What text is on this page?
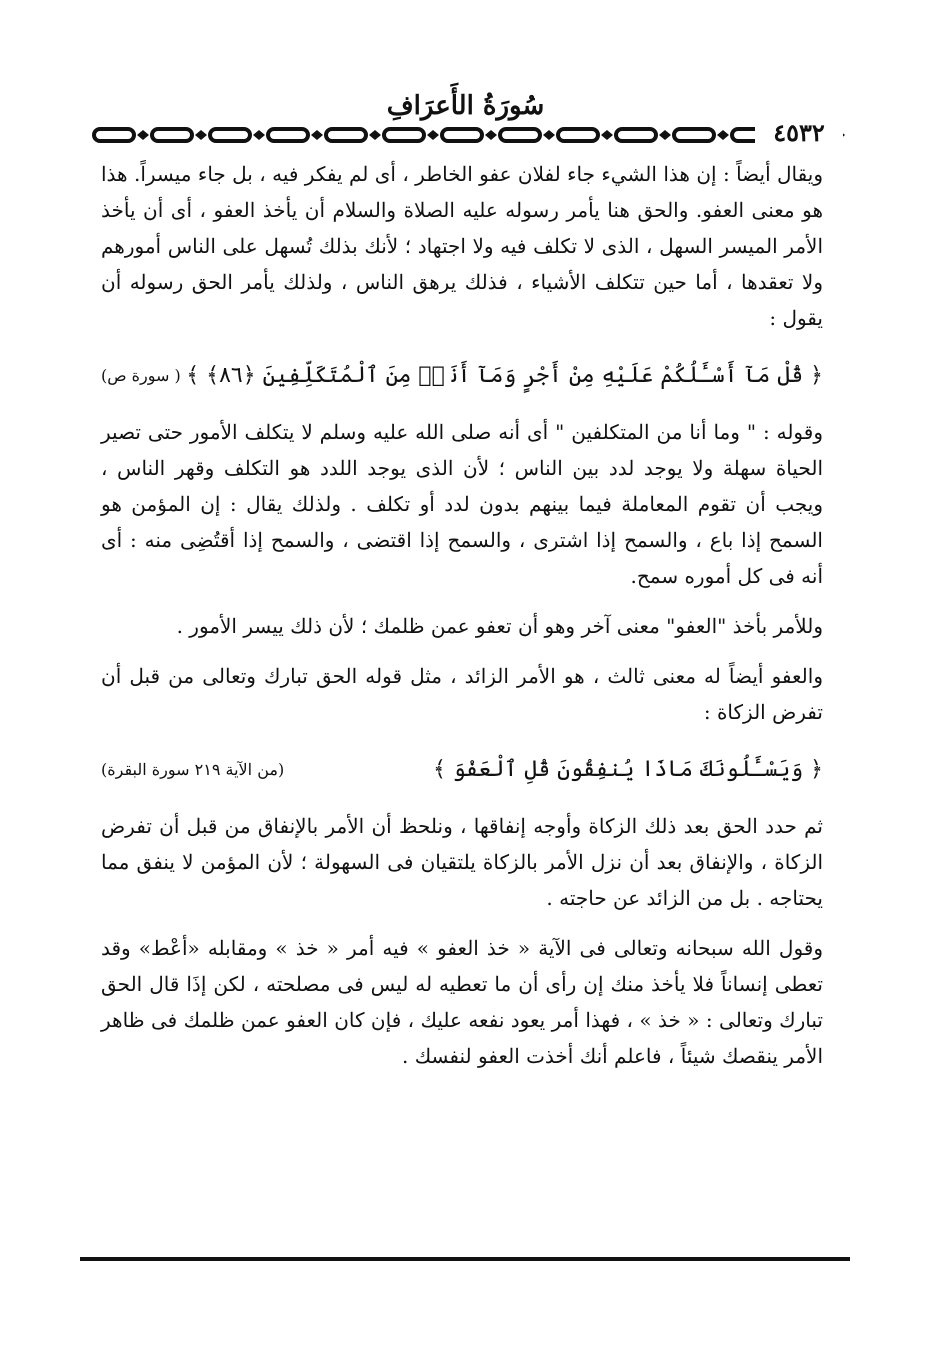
سُورَةُ الأَعرَافِ
٤٥٣٢

ويقال أيضاً : إن هذا الشيء جاء لفلان عفو الخاطر ، أى لم يفكر فيه ، بل جاء ميسراً. هذا هو معنى العفو. والحق هنا يأمر رسوله عليه الصلاة والسلام أن يأخذ العفو ، أى أن يأخذ الأمر الميسر السهل ، الذى لا تكلف فيه ولا اجتهاد ؛ لأنك بذلك تُسهل على الناس أمورهم ولا تعقدها ، أما حين تتكلف الأشياء ، فذلك يرهق الناس ، ولذلك يأمر الحق رسوله أن يقول :

﴿ قُلْ مَآ أَسْـَٔلُكُمْ عَلَيْهِ مِنْ أَجْرٍ وَمَآ أَنَا۠ مِنَ ٱلْمُتَكَلِّفِينَ ﴿٨٦﴾ ﴾
( سورة ص)

وقوله : " وما أنا من المتكلفين " أى أنه صلى الله عليه وسلم لا يتكلف الأمور حتى تصير الحياة سهلة ولا يوجد لدد بين الناس ؛ لأن الذى يوجد اللدد هو التكلف وقهر الناس ، ويجب أن تقوم المعاملة فيما بينهم بدون لدد أو تكلف . ولذلك يقال : إن المؤمن هو السمح إذا باع ، والسمح إذا اشترى ، والسمح إذا اقتضى ، والسمح إذا أقتُضِى منه : أى أنه فى كل أموره سمح.

وللأمر بأخذ "العفو" معنى آخر وهو أن تعفو عمن ظلمك ؛ لأن ذلك ييسر الأمور .

والعفو أيضاً له معنى ثالث ، هو الأمر الزائد ، مثل قوله الحق تبارك وتعالى من قبل أن تفرض الزكاة :

﴿ وَيَسْـَٔلُونَكَ مَاذَا يُنفِقُونَ قُلِ ٱلْعَفْوَ ﴾
(من الآية ٢١٩ سورة البقرة)

ثم حدد الحق بعد ذلك الزكاة وأوجه إنفاقها ، ونلحظ أن الأمر بالإنفاق من قبل أن تفرض الزكاة ، والإنفاق بعد أن نزل الأمر بالزكاة يلتقيان فى السهولة ؛ لأن المؤمن لا ينفق مما يحتاجه . بل من الزائد عن حاجته .

وقول الله سبحانه وتعالى فى الآية « خذ العفو » فيه أمر « خذ » ومقابله «أعْط» وقد تعطى إنساناً فلا يأخذ منك إن رأى أن ما تعطيه له ليس فى مصلحته ، لكن إذَا قال الحق تبارك وتعالى : « خذ » ، فهذا أمر يعود نفعه عليك ، فإن كان العفو عمن ظلمك فى ظاهر الأمر ينقصك شيئاً ، فاعلم أنك أخذت العفو لنفسك .
